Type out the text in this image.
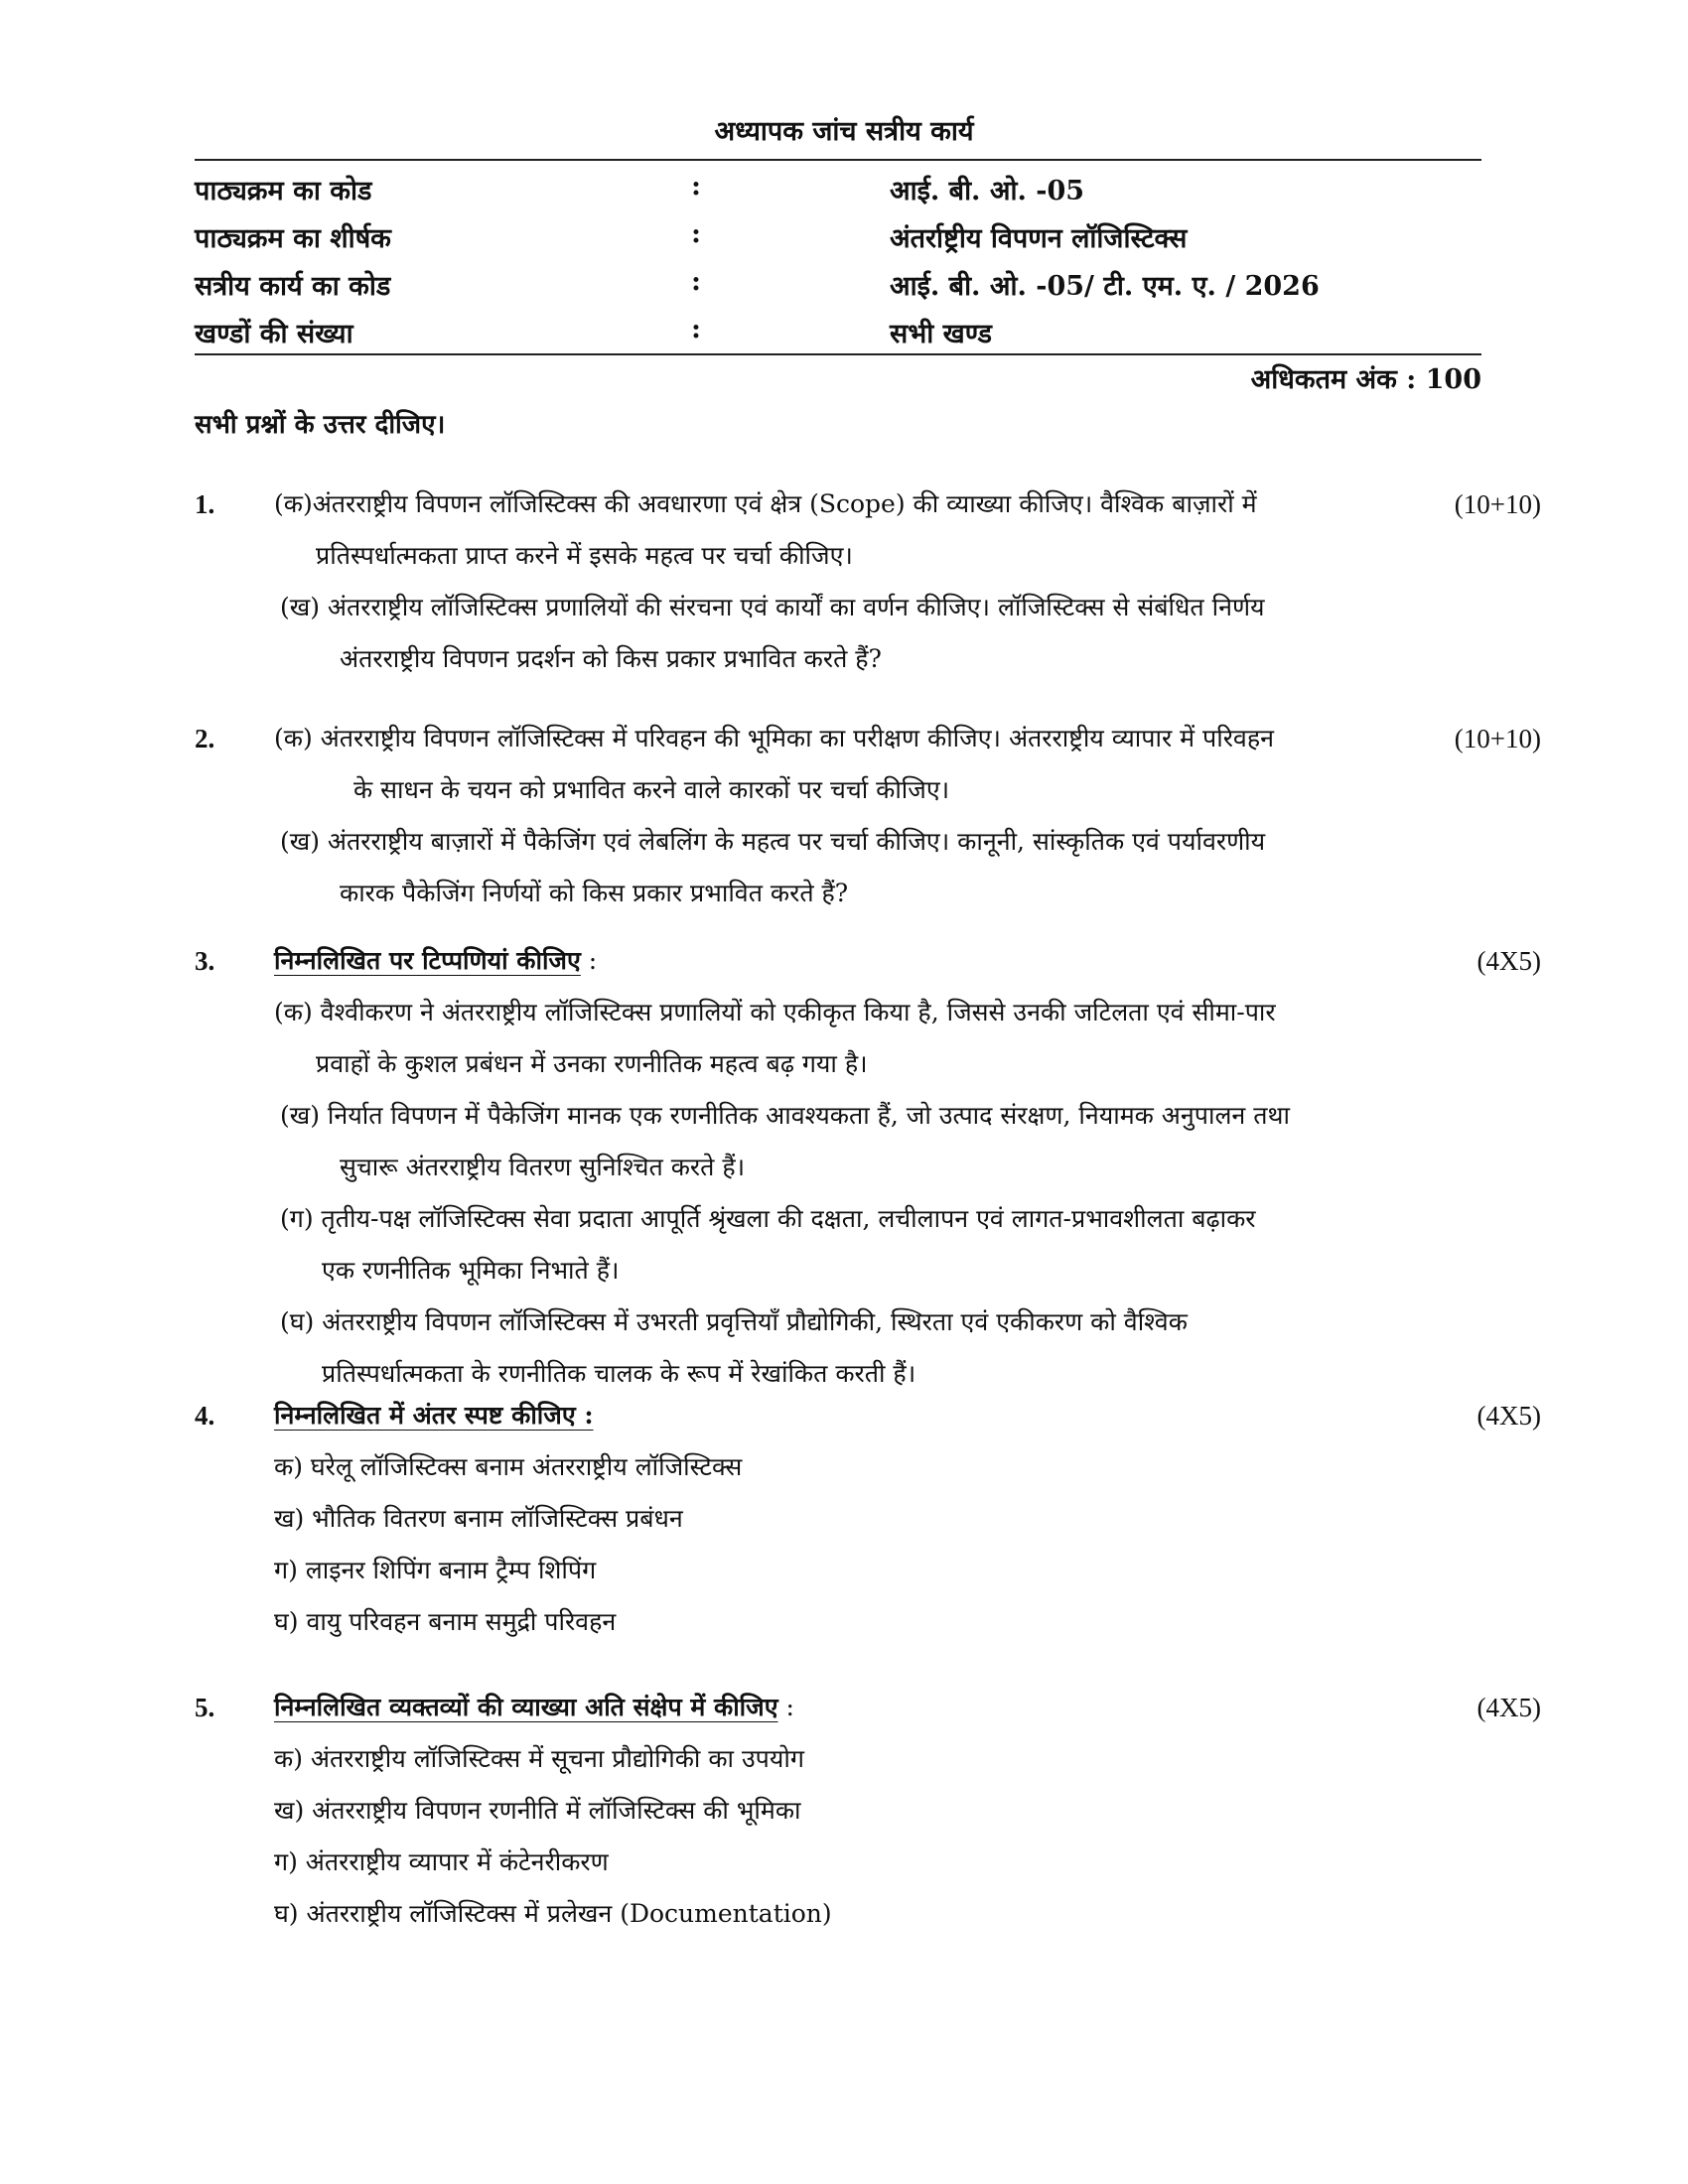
अध्यापक जांच सत्रीय कार्य
पाठ्यक्रम का कोड	:	आई. बी. ओ. -05
पाठ्यक्रम का शीर्षक	:	अंतर्राष्ट्रीय विपणन लॉजिस्टिक्स
सत्रीय कार्य का कोड	:	आई. बी. ओ. -05/ टी. एम. ए. / 2026
खण्डों की संख्या	:	सभी खण्ड
अधिकतम अंक : 100
सभी प्रश्नों के उत्तर दीजिए।
1.	(10+10)
(क)अंतरराष्ट्रीय विपणन लॉजिस्टिक्स की अवधारणा एवं क्षेत्र (Scope) की व्याख्या कीजिए। वैश्विक बाज़ारों में
प्रतिस्पर्धात्मकता प्राप्त करने में इसके महत्व पर चर्चा कीजिए।
(ख) अंतरराष्ट्रीय लॉजिस्टिक्स प्रणालियों की संरचना एवं कार्यों का वर्णन कीजिए। लॉजिस्टिक्स से संबंधित निर्णय
अंतरराष्ट्रीय विपणन प्रदर्शन को किस प्रकार प्रभावित करते हैं?
2.	(10+10)
(क) अंतरराष्ट्रीय विपणन लॉजिस्टिक्स में परिवहन की भूमिका का परीक्षण कीजिए। अंतरराष्ट्रीय व्यापार में परिवहन
के साधन के चयन को प्रभावित करने वाले कारकों पर चर्चा कीजिए।
(ख) अंतरराष्ट्रीय बाज़ारों में पैकेजिंग एवं लेबलिंग के महत्व पर चर्चा कीजिए। कानूनी, सांस्कृतिक एवं पर्यावरणीय
कारक पैकेजिंग निर्णयों को किस प्रकार प्रभावित करते हैं?
3.	(4X5)
निम्नलिखित पर टिप्पणियां कीजिए :
(क) वैश्वीकरण ने अंतरराष्ट्रीय लॉजिस्टिक्स प्रणालियों को एकीकृत किया है, जिससे उनकी जटिलता एवं सीमा-पार
प्रवाहों के कुशल प्रबंधन में उनका रणनीतिक महत्व बढ़ गया है।
(ख) निर्यात विपणन में पैकेजिंग मानक एक रणनीतिक आवश्यकता हैं, जो उत्पाद संरक्षण, नियामक अनुपालन तथा
सुचारू अंतरराष्ट्रीय वितरण सुनिश्चित करते हैं।
(ग) तृतीय-पक्ष लॉजिस्टिक्स सेवा प्रदाता आपूर्ति श्रृंखला की दक्षता, लचीलापन एवं लागत-प्रभावशीलता बढ़ाकर
एक रणनीतिक भूमिका निभाते हैं।
(घ) अंतरराष्ट्रीय विपणन लॉजिस्टिक्स में उभरती प्रवृत्तियाँ प्रौद्योगिकी, स्थिरता एवं एकीकरण को वैश्विक
प्रतिस्पर्धात्मकता के रणनीतिक चालक के रूप में रेखांकित करती हैं।
4.	(4X5)
निम्नलिखित में अंतर स्पष्ट कीजिए :
क) घरेलू लॉजिस्टिक्स बनाम अंतरराष्ट्रीय लॉजिस्टिक्स
ख) भौतिक वितरण बनाम लॉजिस्टिक्स प्रबंधन
ग) लाइनर शिपिंग बनाम ट्रैम्प शिपिंग
घ) वायु परिवहन बनाम समुद्री परिवहन
5.	(4X5)
निम्नलिखित व्यक्तव्यों की व्याख्या अति संक्षेप में कीजिए :
क) अंतरराष्ट्रीय लॉजिस्टिक्स में सूचना प्रौद्योगिकी का उपयोग
ख) अंतरराष्ट्रीय विपणन रणनीति में लॉजिस्टिक्स की भूमिका
ग) अंतरराष्ट्रीय व्यापार में कंटेनरीकरण
घ) अंतरराष्ट्रीय लॉजिस्टिक्स में प्रलेखन (Documentation)
